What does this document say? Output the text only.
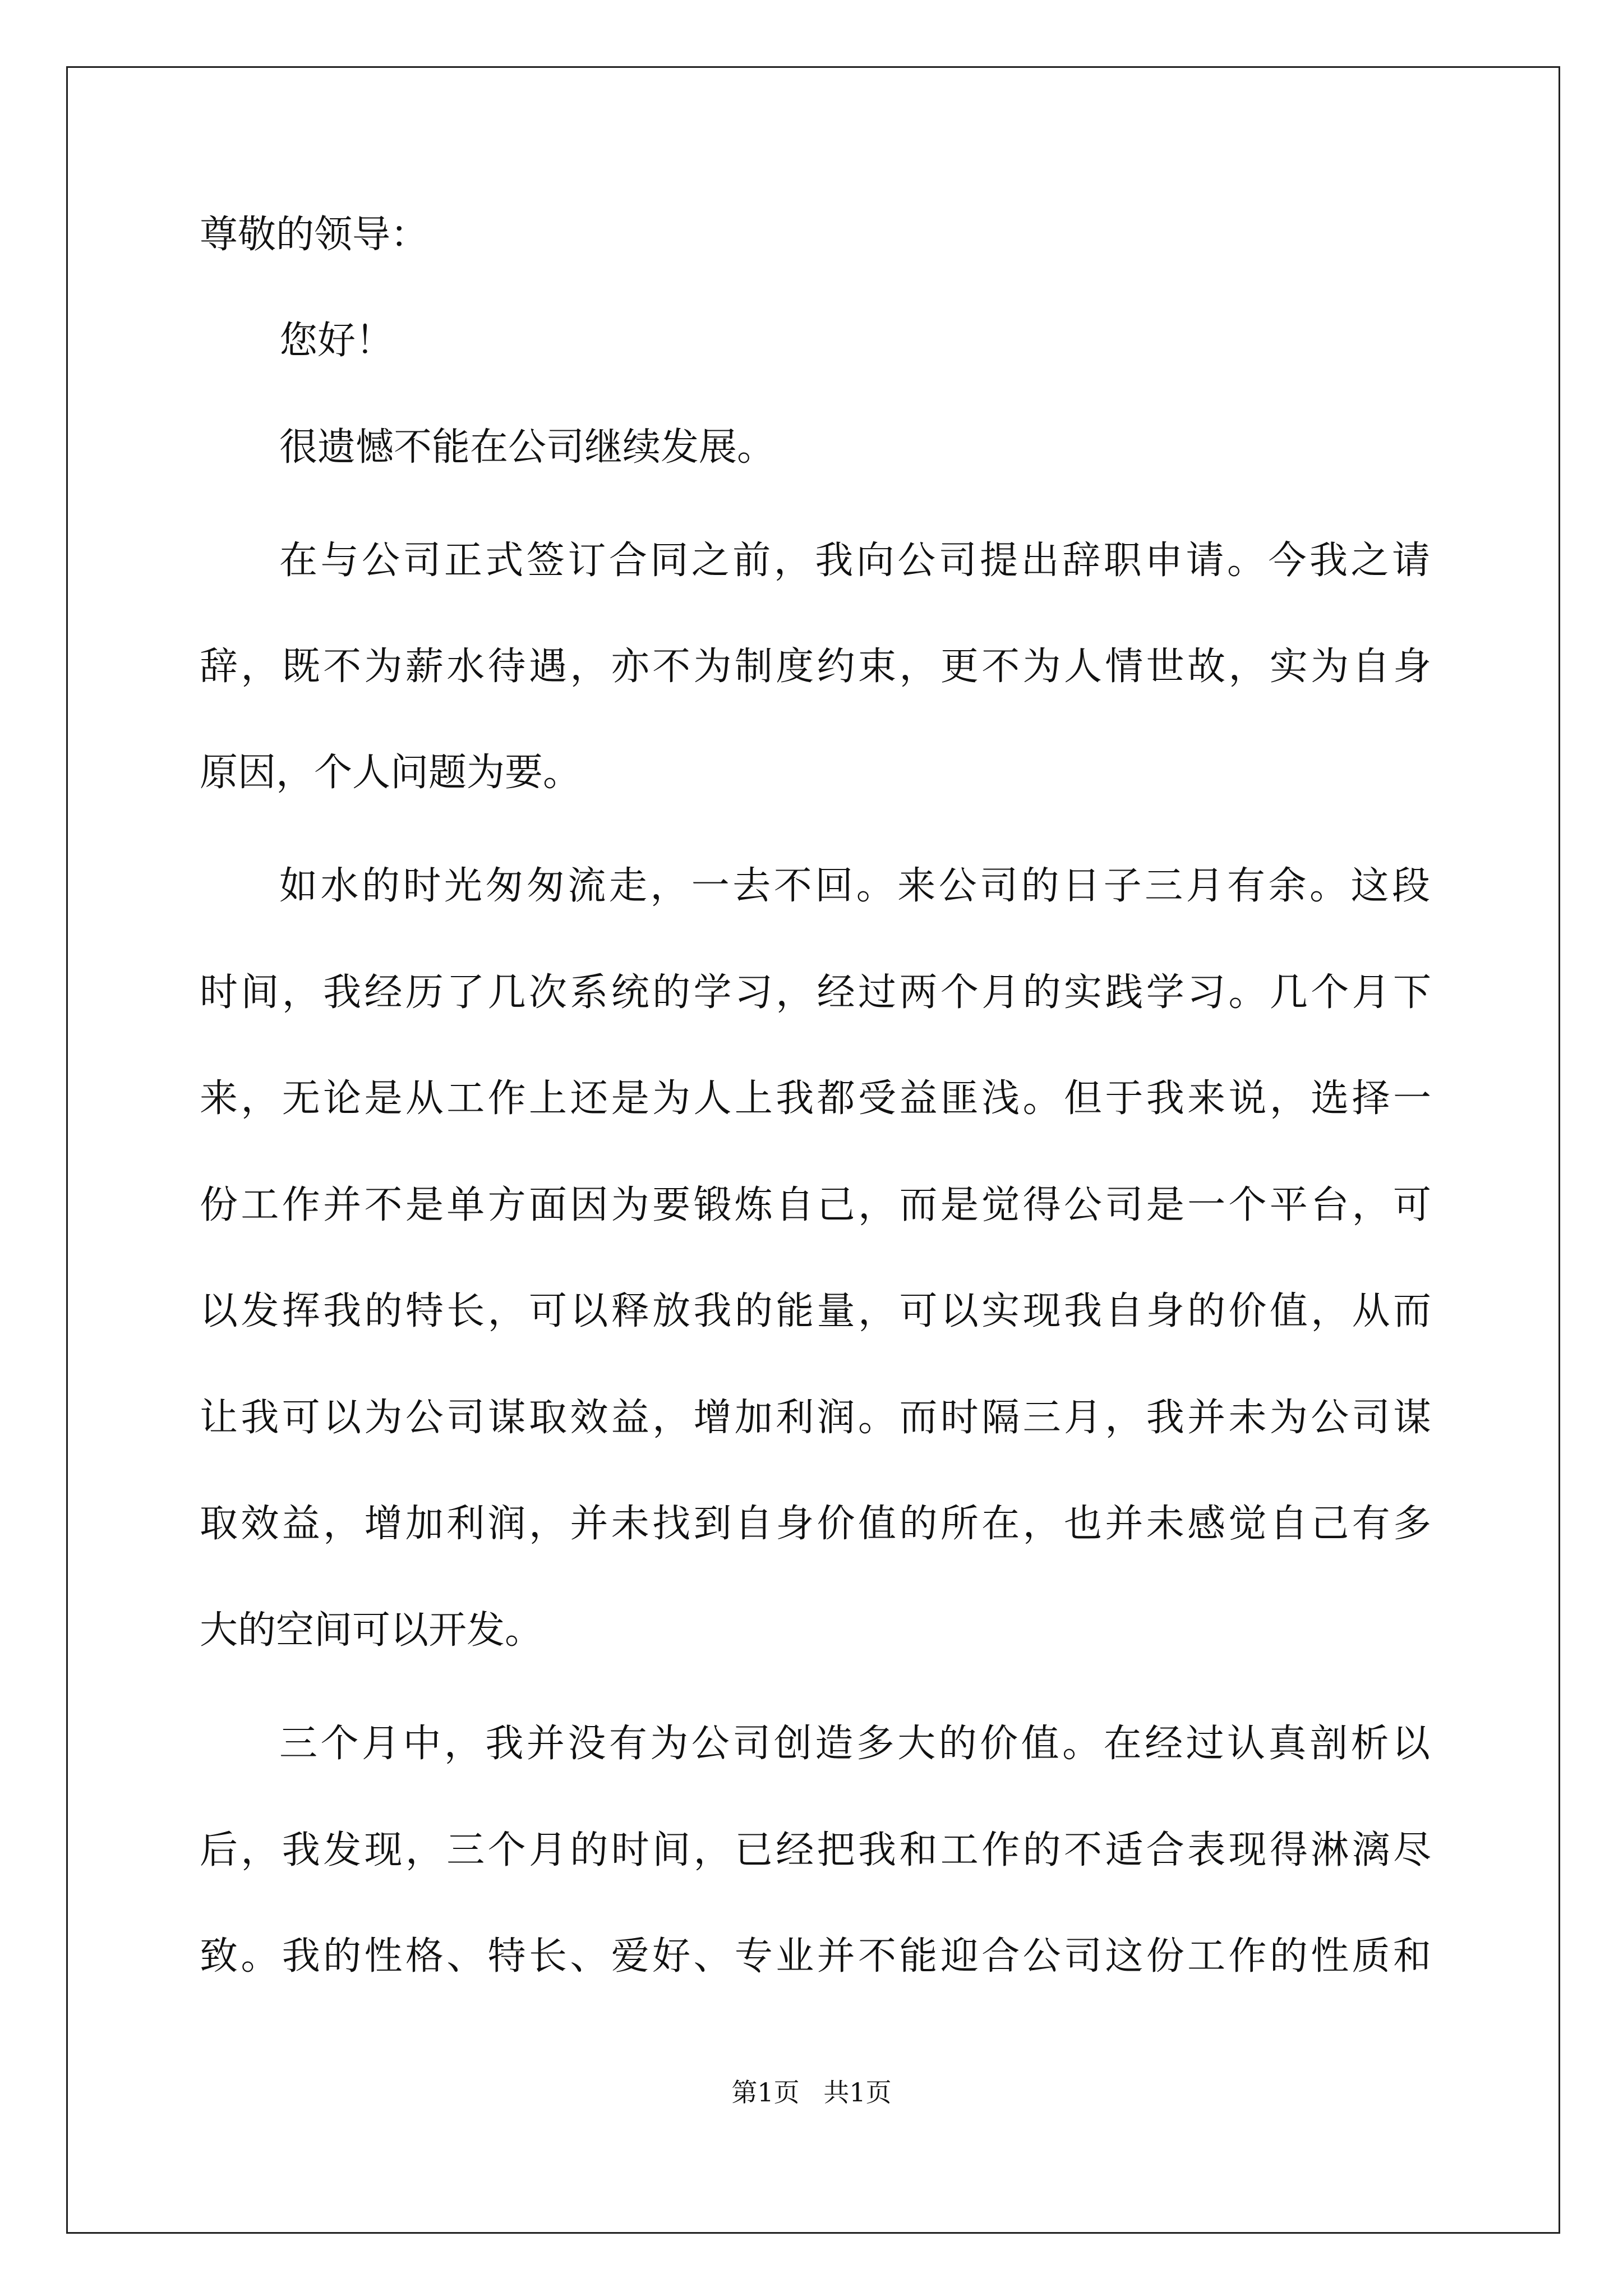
尊敬的领导：

您好！

很遗憾不能在公司继续发展。

在与公司正式签订合同之前，我向公司提出辞职申请。今我之请

辞，既不为薪水待遇，亦不为制度约束，更不为人情世故，实为自身

原因，个人问题为要。

如水的时光匆匆流走，一去不回。来公司的日子三月有余。这段

时间，我经历了几次系统的学习，经过两个月的实践学习。几个月下

来，无论是从工作上还是为人上我都受益匪浅。但于我来说，选择一

份工作并不是单方面因为要锻炼自己，而是觉得公司是一个平台，可

以发挥我的特长，可以释放我的能量，可以实现我自身的价值，从而

让我可以为公司谋取效益，增加利润。而时隔三月，我并未为公司谋

取效益，增加利润，并未找到自身价值的所在，也并未感觉自己有多

大的空间可以开发。

三个月中，我并没有为公司创造多大的价值。在经过认真剖析以

后，我发现，三个月的时间，已经把我和工作的不适合表现得淋漓尽

致。我的性格、特长、爱好、专业并不能迎合公司这份工作的性质和

第1页 共1页
